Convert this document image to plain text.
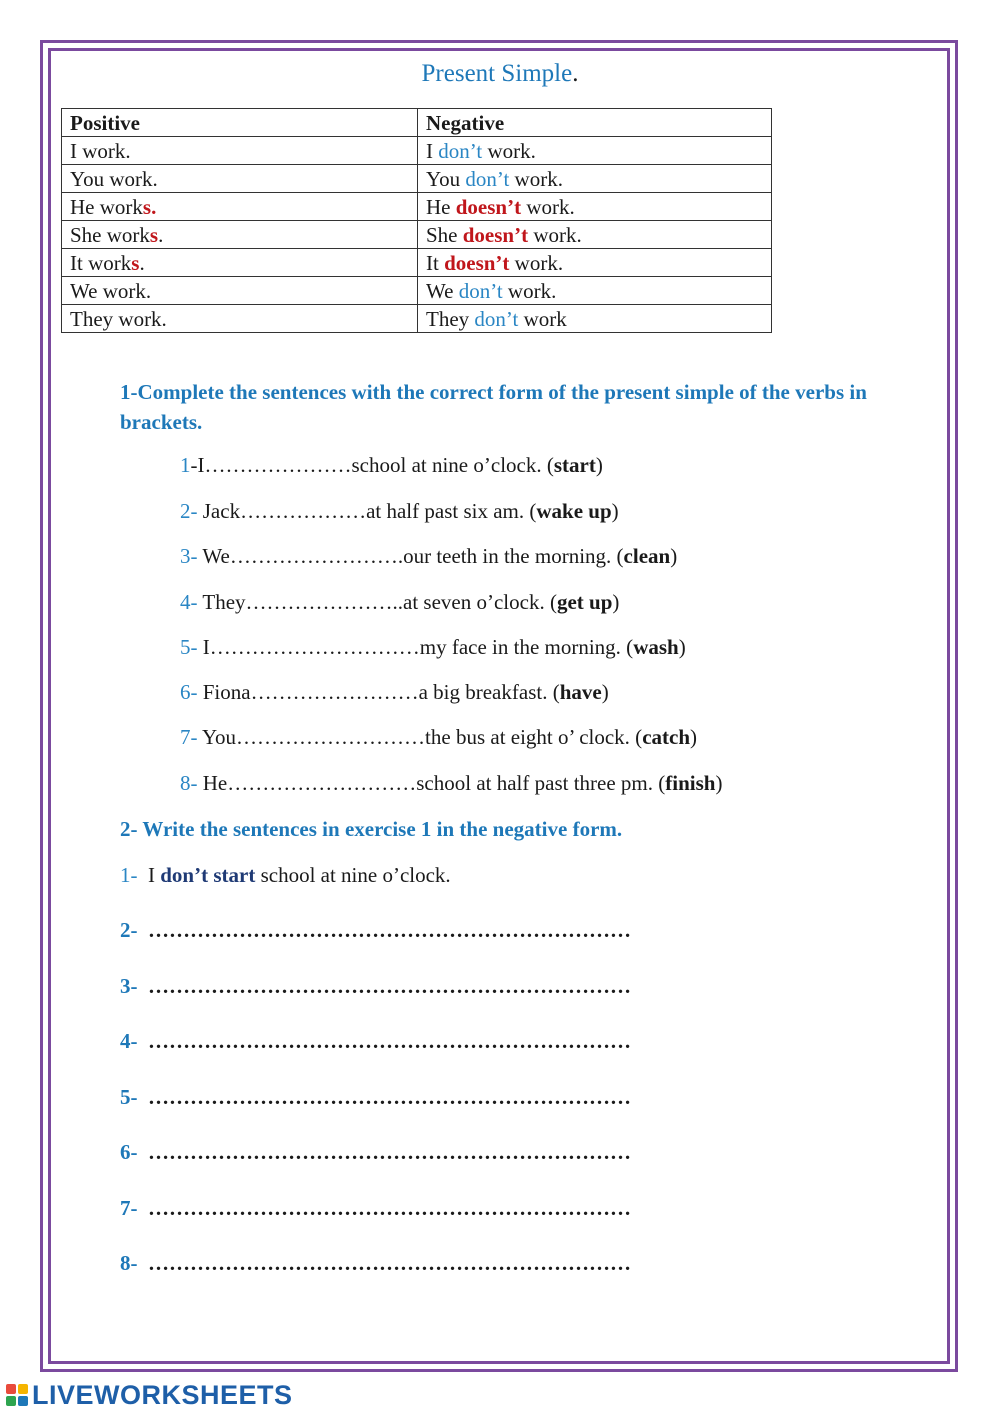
Present Simple.
Positive	Negative
I work.	I don’t work.
You work.	You don’t work.
He works.	He doesn’t work.
She works.	She doesn’t work.
It works.	It doesn’t work.
We work.	We don’t work.
They work.	They don’t work
1-Complete the sentences with the correct form of the present simple of the verbs in brackets.
1-I…………………school at nine o’clock. (start)
2- Jack………………at half past six am. (wake up)
3- We…………………….our teeth in the morning. (clean)
4- They…………………..at seven o’clock. (get up)
5- I…………………………my face in the morning. (wash)
6- Fiona……………………a big breakfast. (have)
7- You………………………the bus at eight o’ clock. (catch)
8- He………………………school at half past three pm. (finish)
2- Write the sentences in exercise 1 in the negative form.
1- I don’t start school at nine o’clock.
2- ……………………………………………………………
3- ……………………………………………………………
4- ……………………………………………………………
5- ……………………………………………………………
6- ……………………………………………………………
7- ……………………………………………………………
8- ……………………………………………………………
LIVEWORKSHEETS
